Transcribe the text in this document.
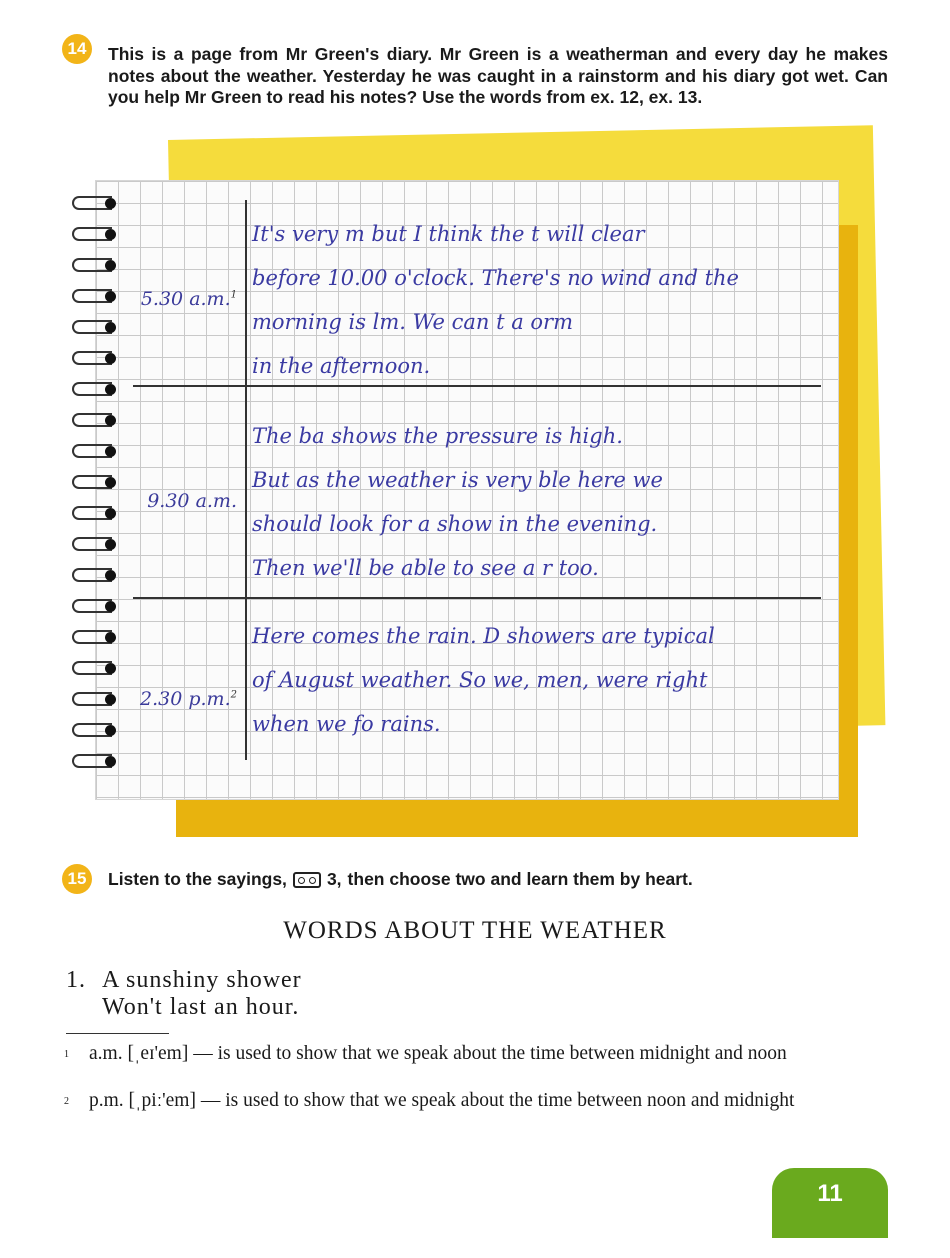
14	This is a page from Mr Green's diary. Mr Green is a weatherman and every day he makes notes about the weather. Yesterday he was caught in a rainstorm and his diary got wet. Can you help Mr Green to read his notes? Use the words from ex. 12, ex. 13.
5.30 a.m.$^1$
It's very m but I think the t will clear
before 10.00 o'clock. There's no wind and the
morning is lm. We can t a orm
in the afternoon.
9.30 a.m.
The ba shows the pressure is high.
But as the weather is very ble here we
should look for a show in the evening.
Then we'll be able to see a r too.
2.30 p.m.$^2$
Here comes the rain. D showers are typical
of August weather. So we, men, were right
when we fo rains.
15	Listen to the sayings, 3, then choose two and learn them by heart.
WORDS ABOUT THE WEATHER
1. A sunshiny shower
Won't last an hour.
1	a.m. [ˌeɪ'em] — is used to show that we speak about the time between midnight and noon
2	p.m. [ˌpiː'em] — is used to show that we speak about the time between noon and midnight
11
